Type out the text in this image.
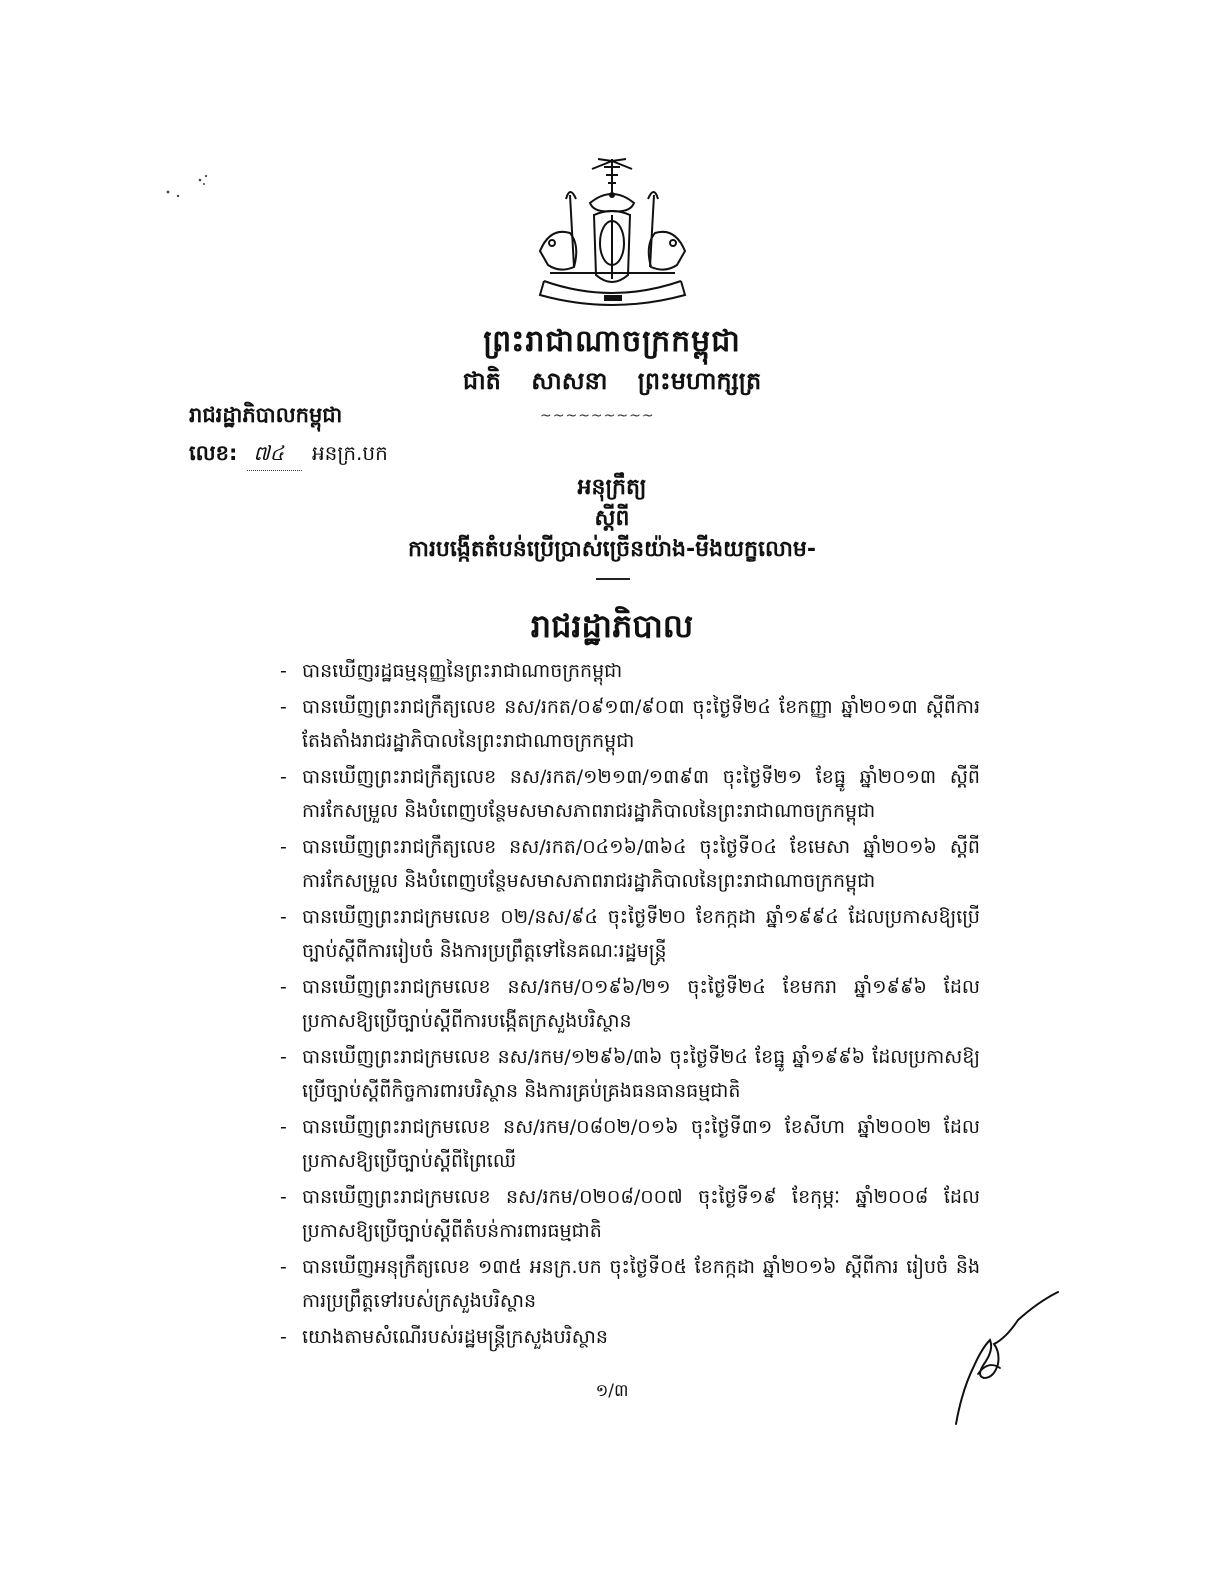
ព្រះរាជាណាចក្រកម្ពុជា
ជាតិ សាសនា ព្រះមហាក្សត្រ
~~~~~~~~~
រាជរដ្ឋាភិបាលកម្ពុជា
លេខ: ៧៤	អនក្រ.បក
អនុក្រឹត្យ
ស្តីពី
ការបង្កើតតំបន់ប្រើប្រាស់ច្រើនយ៉ាង-មីងយក្ខលោម-
រាជរដ្ឋាភិបាល
- បានឃើញរដ្ឋធម្មនុញ្ញនៃព្រះរាជាណាចក្រកម្ពុជា
- បានឃើញព្រះរាជក្រឹត្យលេខ នស/រកត/០៩១៣/៩០៣ ចុះថ្ងៃទី២៤ ខែកញ្ញា ឆ្នាំ២០១៣ ស្តីពីការតែងតាំងរាជរដ្ឋាភិបាលនៃព្រះរាជាណាចក្រកម្ពុជា
- បានឃើញព្រះរាជក្រឹត្យលេខ នស/រកត/១២១៣/១៣៩៣ ចុះថ្ងៃទី២១ ខែធ្នូ ឆ្នាំ២០១៣ ស្តីពីការកែសម្រួល និងបំពេញបន្ថែមសមាសភាពរាជរដ្ឋាភិបាលនៃព្រះរាជាណាចក្រកម្ពុជា
- បានឃើញព្រះរាជក្រឹត្យលេខ នស/រកត/០៤១៦/៣៦៤ ចុះថ្ងៃទី០៤ ខែមេសា ឆ្នាំ២០១៦ ស្តីពីការកែសម្រួល និងបំពេញបន្ថែមសមាសភាពរាជរដ្ឋាភិបាលនៃព្រះរាជាណាចក្រកម្ពុជា
- បានឃើញព្រះរាជក្រមលេខ ០២/នស/៩៤ ចុះថ្ងៃទី២០ ខែកក្កដា ឆ្នាំ១៩៩៤ ដែលប្រកាសឱ្យប្រើច្បាប់ស្តីពីការរៀបចំ និងការប្រព្រឹត្តទៅនៃគណៈរដ្ឋមន្ត្រី
- បានឃើញព្រះរាជក្រមលេខ នស/រកម/០១៩៦/២១ ចុះថ្ងៃទី២៤ ខែមករា ឆ្នាំ១៩៩៦ ដែលប្រកាសឱ្យប្រើច្បាប់ស្តីពីការបង្កើតក្រសួងបរិស្ថាន
- បានឃើញព្រះរាជក្រមលេខ នស/រកម/១២៩៦/៣៦ ចុះថ្ងៃទី២៤ ខែធ្នូ ឆ្នាំ១៩៩៦ ដែលប្រកាសឱ្យប្រើច្បាប់ស្តីពីកិច្ចការពារបរិស្ថាន និងការគ្រប់គ្រងធនធានធម្មជាតិ
- បានឃើញព្រះរាជក្រមលេខ នស/រកម/០៨០២/០១៦ ចុះថ្ងៃទី៣១ ខែសីហា ឆ្នាំ២០០២ ដែលប្រកាសឱ្យប្រើច្បាប់ស្តីពីព្រៃឈើ
- បានឃើញព្រះរាជក្រមលេខ នស/រកម/០២០៨/០០៧ ចុះថ្ងៃទី១៩ ខែកុម្ភៈ ឆ្នាំ២០០៨ ដែលប្រកាសឱ្យប្រើច្បាប់ស្តីពីតំបន់ការពារធម្មជាតិ
- បានឃើញអនុក្រឹត្យលេខ ១៣៥ អនក្រ.បក ចុះថ្ងៃទី០៥ ខែកក្កដា ឆ្នាំ២០១៦ ស្តីពីការ រៀបចំ និងការប្រព្រឹត្តទៅរបស់ក្រសួងបរិស្ថាន
- យោងតាមសំណើរបស់រដ្ឋមន្ត្រីក្រសួងបរិស្ថាន
១/៣
